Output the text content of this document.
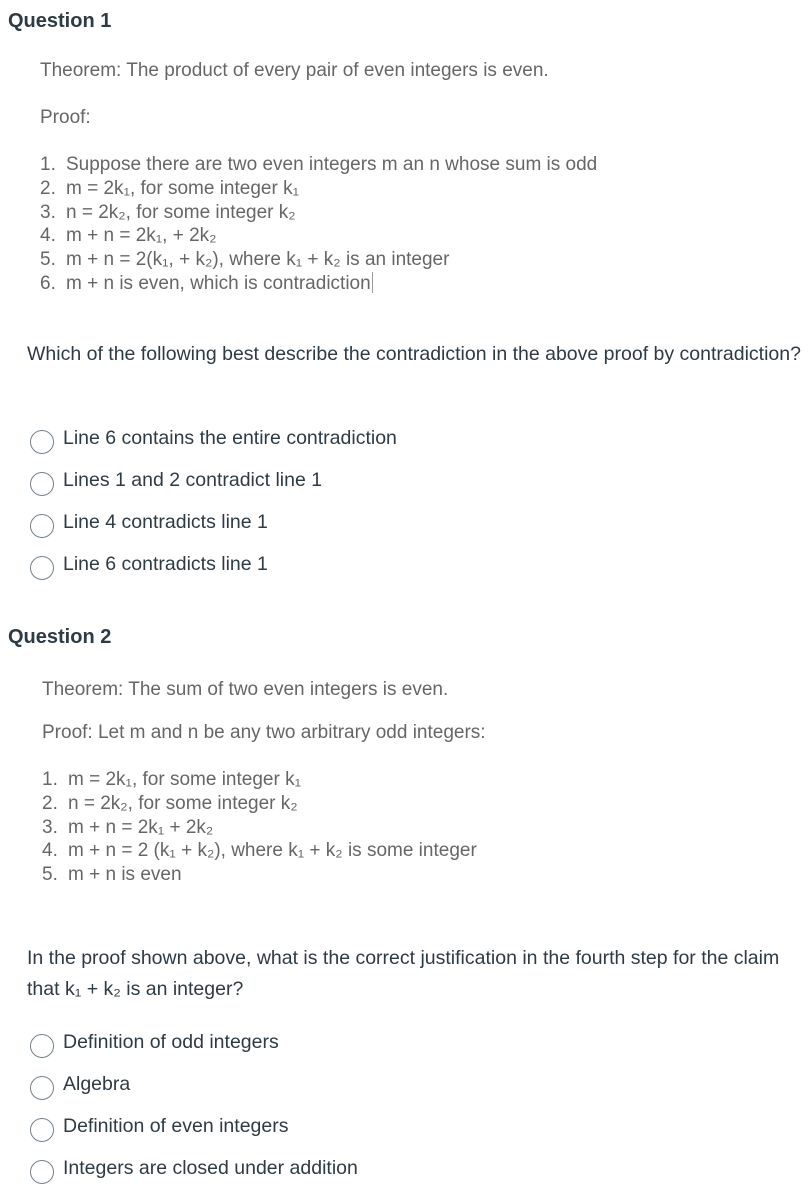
Question 1
Theorem: The product of every pair of even integers is even.
Proof:
1. Suppose there are two even integers m an n whose sum is odd
2. m = 2k₁, for some integer k₁
3. n = 2k₂, for some integer k₂
4. m + n = 2k₁, + 2k₂
5. m + n = 2(k₁, + k₂), where k₁ + k₂ is an integer
6. m + n is even, which is contradiction
Which of the following best describe the contradiction in the above proof by contradiction?
Line 6 contains the entire contradiction
Lines 1 and 2 contradict line 1
Line 4 contradicts line 1
Line 6 contradicts line 1
Question 2
Theorem: The sum of two even integers is even.
Proof: Let m and n be any two arbitrary odd integers:
1. m = 2k₁, for some integer k₁
2. n = 2k₂, for some integer k₂
3. m + n = 2k₁ + 2k₂
4. m + n = 2 (k₁ + k₂), where k₁ + k₂ is some integer
5. m + n is even
In the proof shown above, what is the correct justification in the fourth step for the claim that k₁ + k₂ is an integer?
Definition of odd integers
Algebra
Definition of even integers
Integers are closed under addition
